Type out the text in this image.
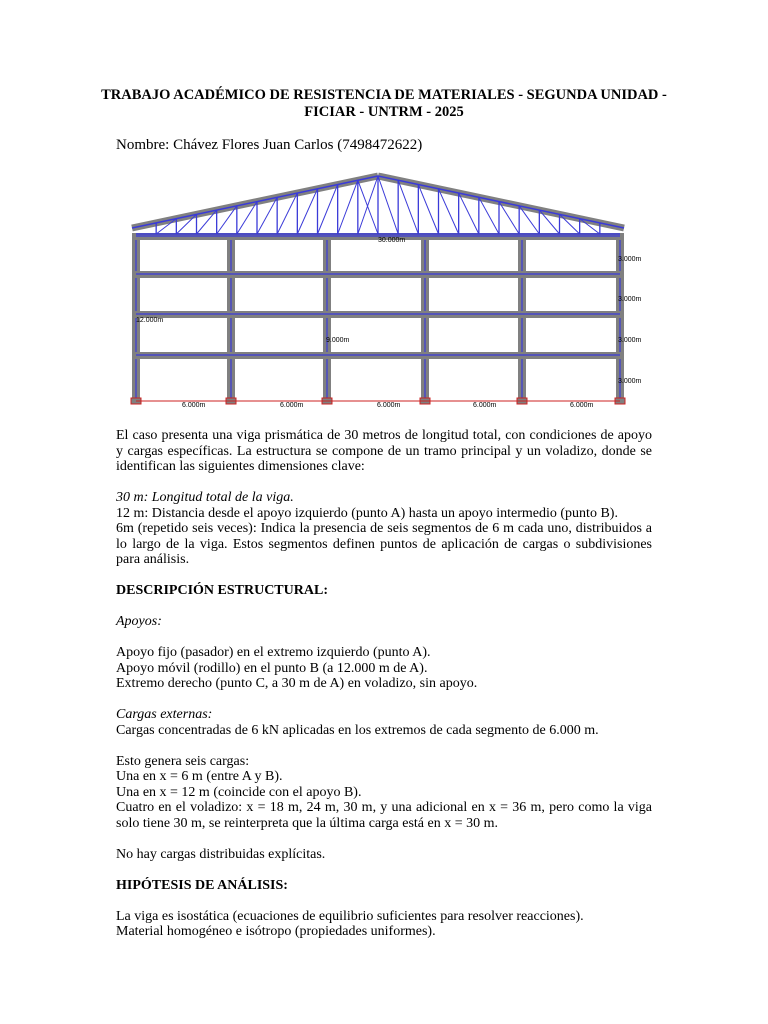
TRABAJO ACADÉMICO DE RESISTENCIA DE MATERIALES - SEGUNDA UNIDAD - FICIAR - UNTRM - 2025
Nombre: Chávez Flores Juan Carlos (7498472622)
30.000m
12.000m
9.000m
3.000m
3.000m
3.000m
3.000m
6.000m	6.000m	6.000m	6.000m	6.000m

El caso presenta una viga prismática de 30 metros de longitud total, con condiciones de apoyo y cargas específicas. La estructura se compone de un tramo principal y un voladizo, donde se identifican las siguientes dimensiones clave:

30 m: Longitud total de la viga.

12 m: Distancia desde el apoyo izquierdo (punto A) hasta un apoyo intermedio (punto B).

6m (repetido seis veces): Indica la presencia de seis segmentos de 6 m cada uno, distribuidos a lo largo de la viga. Estos segmentos definen puntos de aplicación de cargas o subdivisiones para análisis.

DESCRIPCIÓN ESTRUCTURAL:

Apoyos:

Apoyo fijo (pasador) en el extremo izquierdo (punto A).

Apoyo móvil (rodillo) en el punto B (a 12.000 m de A).

Extremo derecho (punto C, a 30 m de A) en voladizo, sin apoyo.

Cargas externas:

Cargas concentradas de 6 kN aplicadas en los extremos de cada segmento de 6.000 m.

Esto genera seis cargas:

Una en x = 6 m (entre A y B).

Una en x = 12 m (coincide con el apoyo B).

Cuatro en el voladizo: x = 18 m, 24 m, 30 m, y una adicional en x = 36 m, pero como la viga solo tiene 30 m, se reinterpreta que la última carga está en x = 30 m.

No hay cargas distribuidas explícitas.

HIPÓTESIS DE ANÁLISIS:

La viga es isostática (ecuaciones de equilibrio suficientes para resolver reacciones).

Material homogéneo e isótropo (propiedades uniformes).
